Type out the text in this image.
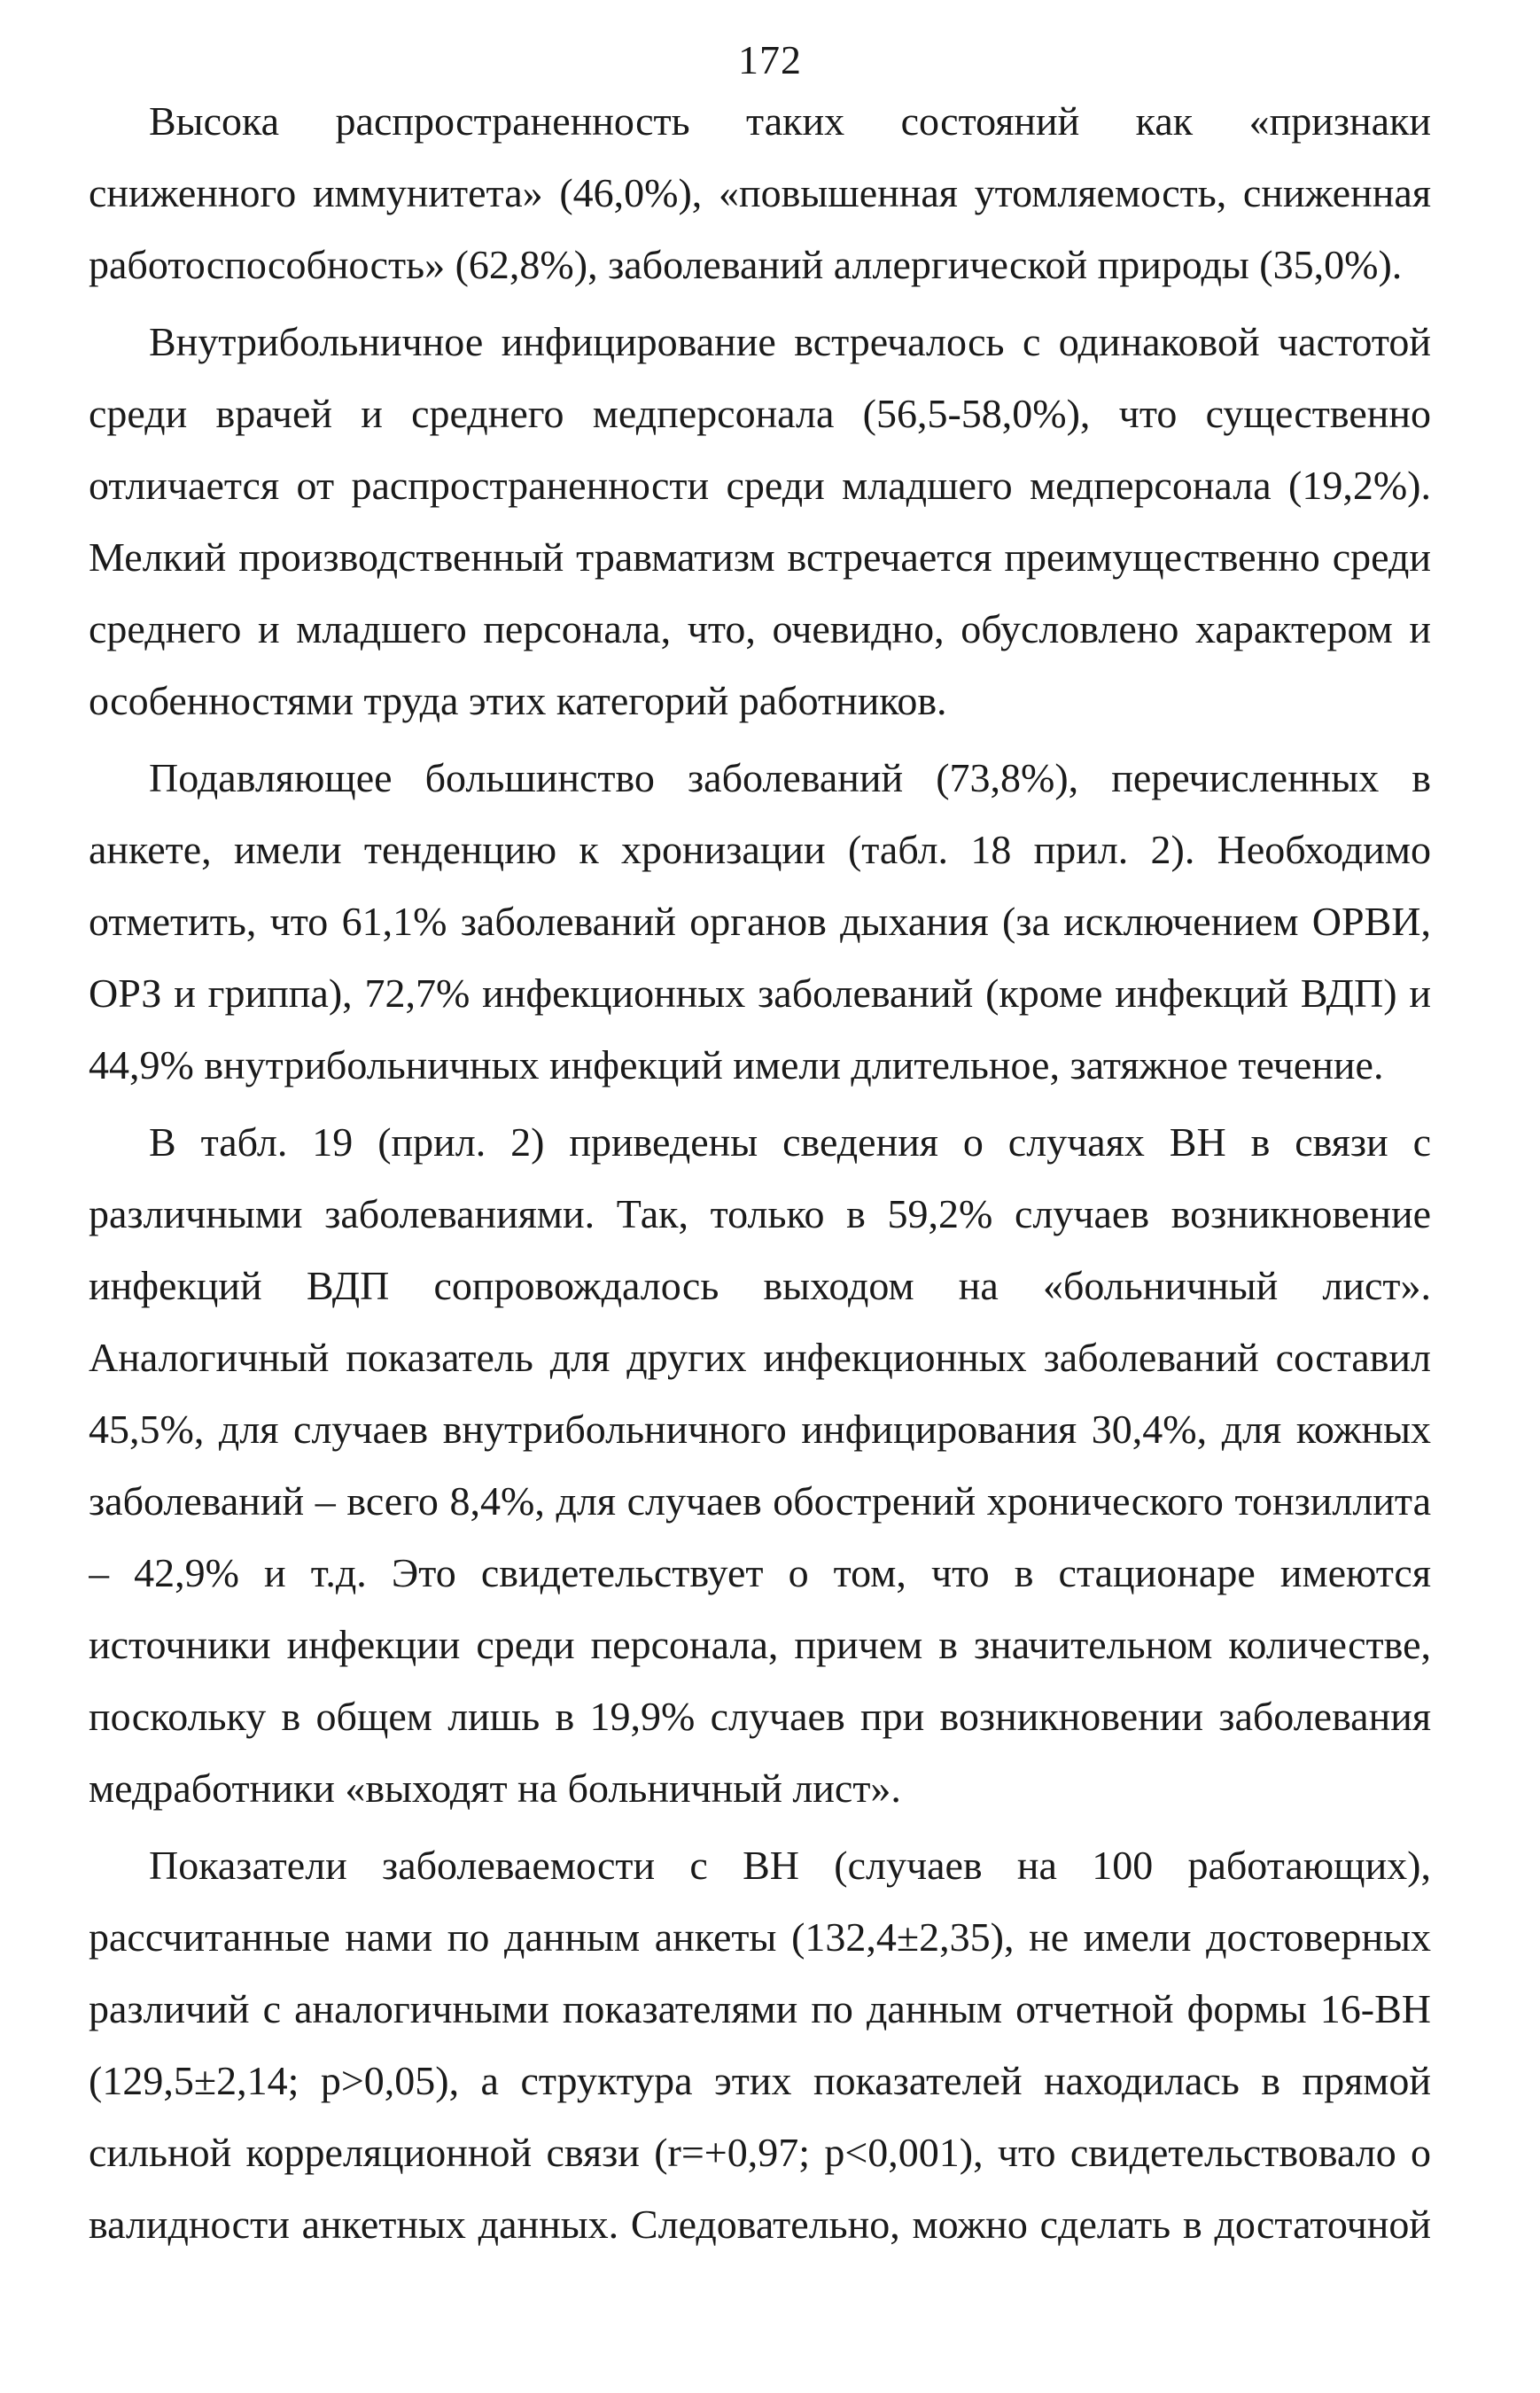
172
Высока распространенность таких состояний как «признаки
сниженного иммунитета» (46,0%), «повышенная утомляемость, сниженная
работоспособность» (62,8%), заболеваний аллергической природы (35,0%).
Внутрибольничное инфицирование встречалось с одинаковой частотой
среди врачей и среднего медперсонала (56,5-58,0%), что существенно
отличается от распространенности среди младшего медперсонала (19,2%).
Мелкий производственный травматизм встречается преимущественно среди
среднего и младшего персонала, что, очевидно, обусловлено характером и
особенностями труда этих категорий работников.
Подавляющее большинство заболеваний (73,8%), перечисленных в
анкете, имели тенденцию к хронизации (табл. 18 прил. 2). Необходимо
отметить, что 61,1% заболеваний органов дыхания (за исключением ОРВИ,
ОРЗ и гриппа), 72,7% инфекционных заболеваний (кроме инфекций ВДП) и
44,9% внутрибольничных инфекций имели длительное, затяжное течение.
В табл. 19 (прил. 2) приведены сведения о случаях ВН в связи с
различными заболеваниями. Так, только в 59,2% случаев возникновение
инфекций ВДП сопровождалось выходом на «больничный лист».
Аналогичный показатель для других инфекционных заболеваний составил
45,5%, для случаев внутрибольничного инфицирования 30,4%, для кожных
заболеваний – всего 8,4%, для случаев обострений хронического тонзиллита
– 42,9% и т.д. Это свидетельствует о том, что в стационаре имеются
источники инфекции среди персонала, причем в значительном количестве,
поскольку в общем лишь в 19,9% случаев при возникновении заболевания
медработники «выходят на больничный лист».
Показатели заболеваемости с ВН (случаев на 100 работающих),
рассчитанные нами по данным анкеты (132,4±2,35), не имели достоверных
различий с аналогичными показателями по данным отчетной формы 16-ВН
(129,5±2,14; p>0,05), а структура этих показателей находилась в прямой
сильной корреляционной связи (r=+0,97; p<0,001), что свидетельствовало о
валидности анкетных данных. Следовательно, можно сделать в достаточной
